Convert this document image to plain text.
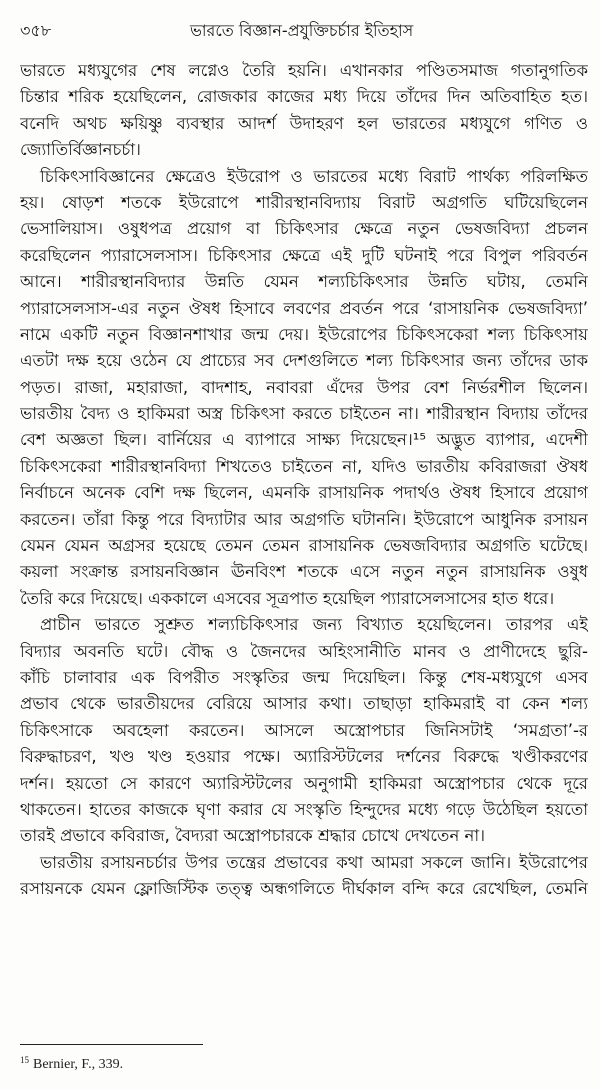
৩৫৮	ভারতে বিজ্ঞান-প্রযুক্তিচর্চার ইতিহাস
ভারতে মধ্যযুগের শেষ লগ্নেও তৈরি হয়নি। এখানকার পণ্ডিতসমাজ গতানুগতিক
চিন্তার শরিক হয়েছিলেন, রোজকার কাজের মধ্য দিয়ে তাঁদের দিন অতিবাহিত হত।
বনেদি অথচ ক্ষয়িষ্ণু ব্যবস্থার আদর্শ উদাহরণ হল ভারতের মধ্যযুগে গণিত ও
জ্যোতির্বিজ্ঞানচর্চা।
চিকিৎসাবিজ্ঞানের ক্ষেত্রেও ইউরোপ ও ভারতের মধ্যে বিরাট পার্থক্য পরিলক্ষিত
হয়। ষোড়শ শতকে ইউরোপে শারীরস্থানবিদ্যায় বিরাট অগ্রগতি ঘটিয়েছিলেন
ভেসালিয়াস। ওষুধপত্র প্রয়োগ বা চিকিৎসার ক্ষেত্রে নতুন ভেষজবিদ্যা প্রচলন
করেছিলেন প্যারাসেলসাস। চিকিৎসার ক্ষেত্রে এই দুটি ঘটনাই পরে বিপুল পরিবর্তন
আনে। শারীরস্থানবিদ্যার উন্নতি যেমন শল্যচিকিৎসার উন্নতি ঘটায়, তেমনি
প্যারাসেলসাস-এর নতুন ঔষধ হিসাবে লবণের প্রবর্তন পরে ‘রাসায়নিক ভেষজবিদ্যা’
নামে একটি নতুন বিজ্ঞানশাখার জন্ম দেয়। ইউরোপের চিকিৎসকেরা শল্য চিকিৎসায়
এতটা দক্ষ হয়ে ওঠেন যে প্রাচ্যের সব দেশগুলিতে শল্য চিকিৎসার জন্য তাঁদের ডাক
পড়ত। রাজা, মহারাজা, বাদশাহ, নবাবরা এঁদের উপর বেশ নির্ভরশীল ছিলেন।
ভারতীয় বৈদ্য ও হাকিমরা অস্ত্র চিকিৎসা করতে চাইতেন না। শারীরস্থান বিদ্যায় তাঁদের
বেশ অজ্ঞতা ছিল। বার্নিয়ের এ ব্যাপারে সাক্ষ্য দিয়েছেন।¹⁵ অদ্ভুত ব্যাপার, এদেশী
চিকিৎসকেরা শারীরস্থানবিদ্যা শিখতেও চাইতেন না, যদিও ভারতীয় কবিরাজরা ঔষধ
নির্বাচনে অনেক বেশি দক্ষ ছিলেন, এমনকি রাসায়নিক পদার্থও ঔষধ হিসাবে প্রয়োগ
করতেন। তাঁরা কিন্তু পরে বিদ্যাটার আর অগ্রগতি ঘটাননি। ইউরোপে আধুনিক রসায়ন
যেমন যেমন অগ্রসর হয়েছে তেমন তেমন রাসায়নিক ভেষজবিদ্যার অগ্রগতি ঘটেছে।
কয়লা সংক্রান্ত রসায়নবিজ্ঞান ঊনবিংশ শতকে এসে নতুন নতুন রাসায়নিক ওষুধ
তৈরি করে দিয়েছে। এককালে এসবের সূত্রপাত হয়েছিল প্যারাসেলসাসের হাত ধরে।
প্রাচীন ভারতে সুশ্রুত শল্যচিকিৎসার জন্য বিখ্যাত হয়েছিলেন। তারপর এই
বিদ্যার অবনতি ঘটে। বৌদ্ধ ও জৈনদের অহিংসানীতি মানব ও প্রাণীদেহে ছুরি-
কাঁচি চালাবার এক বিপরীত সংস্কৃতির জন্ম দিয়েছিল। কিন্তু শেষ-মধ্যযুগে এসব
প্রভাব থেকে ভারতীয়দের বেরিয়ে আসার কথা। তাছাড়া হাকিমরাই বা কেন শল্য
চিকিৎসাকে অবহেলা করতেন। আসলে অস্ত্রোপচার জিনিসটাই ‘সমগ্রতা’-র
বিরুদ্ধাচরণ, খণ্ড খণ্ড হওয়ার পক্ষে। অ্যারিস্টটলের দর্শনের বিরুদ্ধে খণ্ডীকরণের
দর্শন। হয়তো সে কারণে অ্যারিস্টটলের অনুগামী হাকিমরা অস্ত্রোপচার থেকে দূরে
থাকতেন। হাতের কাজকে ঘৃণা করার যে সংস্কৃতি হিন্দুদের মধ্যে গড়ে উঠেছিল হয়তো
তারই প্রভাবে কবিরাজ, বৈদ্যরা অস্ত্রোপচারকে শ্রদ্ধার চোখে দেখতেন না।
ভারতীয় রসায়নচর্চার উপর তন্ত্রের প্রভাবের কথা আমরা সকলে জানি। ইউরোপের
রসায়নকে যেমন ফ্লোজিস্টিক তত্ত্ব অন্ধগলিতে দীর্ঘকাল বন্দি করে রেখেছিল, তেমনি
$^{15}$ Bernier, F., 339.
